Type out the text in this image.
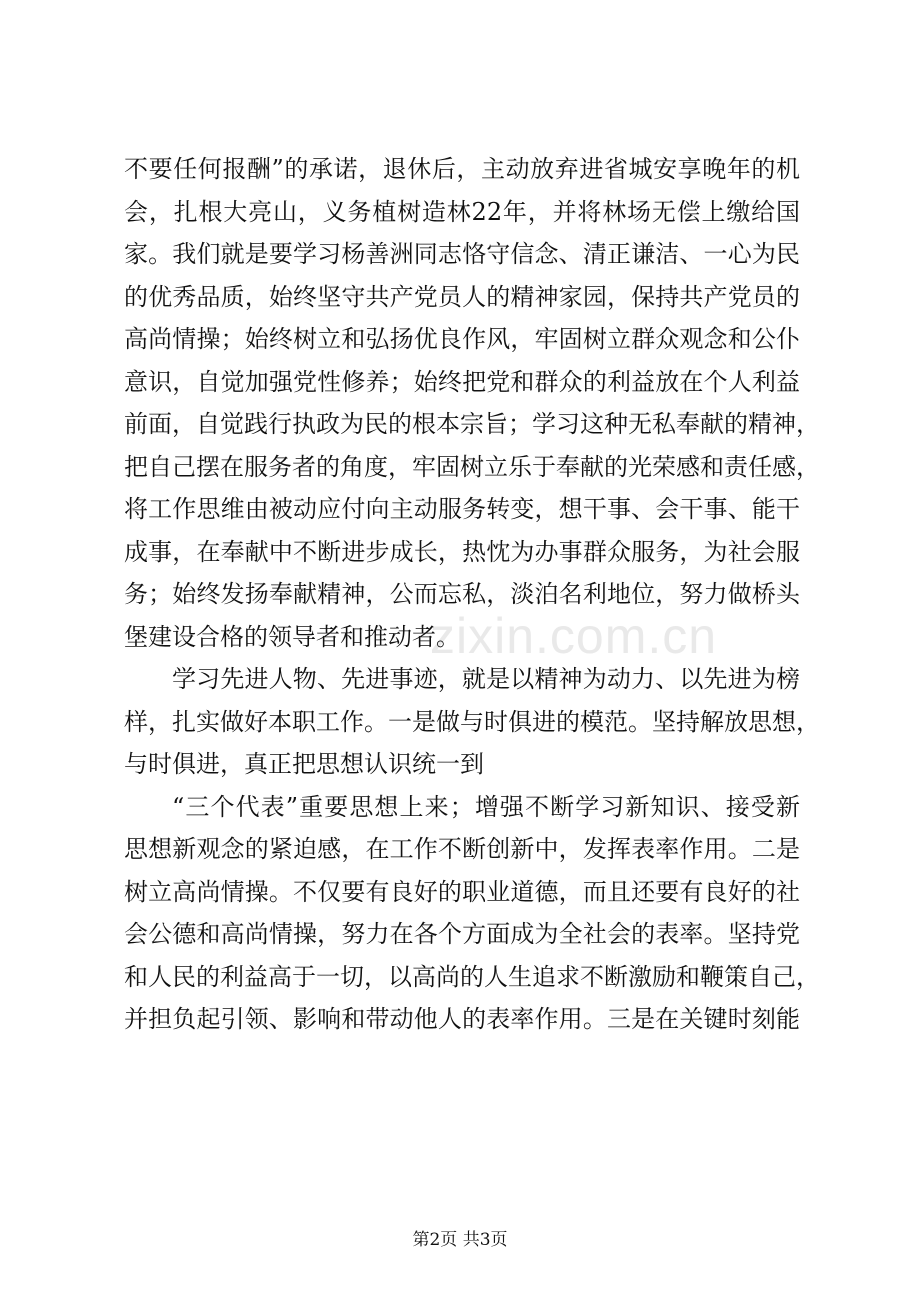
zixin.com.cn
不要任何报酬”的承诺，退休后，主动放弃进省城安享晚年的机
会，扎根大亮山，义务植树造林22年，并将林场无偿上缴给国
家。我们就是要学习杨善洲同志恪守信念、清正谦洁、一心为民
的优秀品质，始终坚守共产党员人的精神家园，保持共产党员的
高尚情操；始终树立和弘扬优良作风，牢固树立群众观念和公仆
意识，自觉加强党性修养；始终把党和群众的利益放在个人利益
前面，自觉践行执政为民的根本宗旨；学习这种无私奉献的精神，
把自己摆在服务者的角度，牢固树立乐于奉献的光荣感和责任感，
将工作思维由被动应付向主动服务转变，想干事、会干事、能干
成事，在奉献中不断进步成长，热忱为办事群众服务，为社会服
务；始终发扬奉献精神，公而忘私，淡泊名利地位，努力做桥头
堡建设合格的领导者和推动者。
学习先进人物、先进事迹，就是以精神为动力、以先进为榜
样，扎实做好本职工作。一是做与时俱进的模范。坚持解放思想，
与时俱进，真正把思想认识统一到
“三个代表”重要思想上来；增强不断学习新知识、接受新
思想新观念的紧迫感，在工作不断创新中，发挥表率作用。二是
树立高尚情操。不仅要有良好的职业道德，而且还要有良好的社
会公德和高尚情操，努力在各个方面成为全社会的表率。坚持党
和人民的利益高于一切，以高尚的人生追求不断激励和鞭策自己，
并担负起引领、影响和带动他人的表率作用。三是在关键时刻能
第2页 共3页
